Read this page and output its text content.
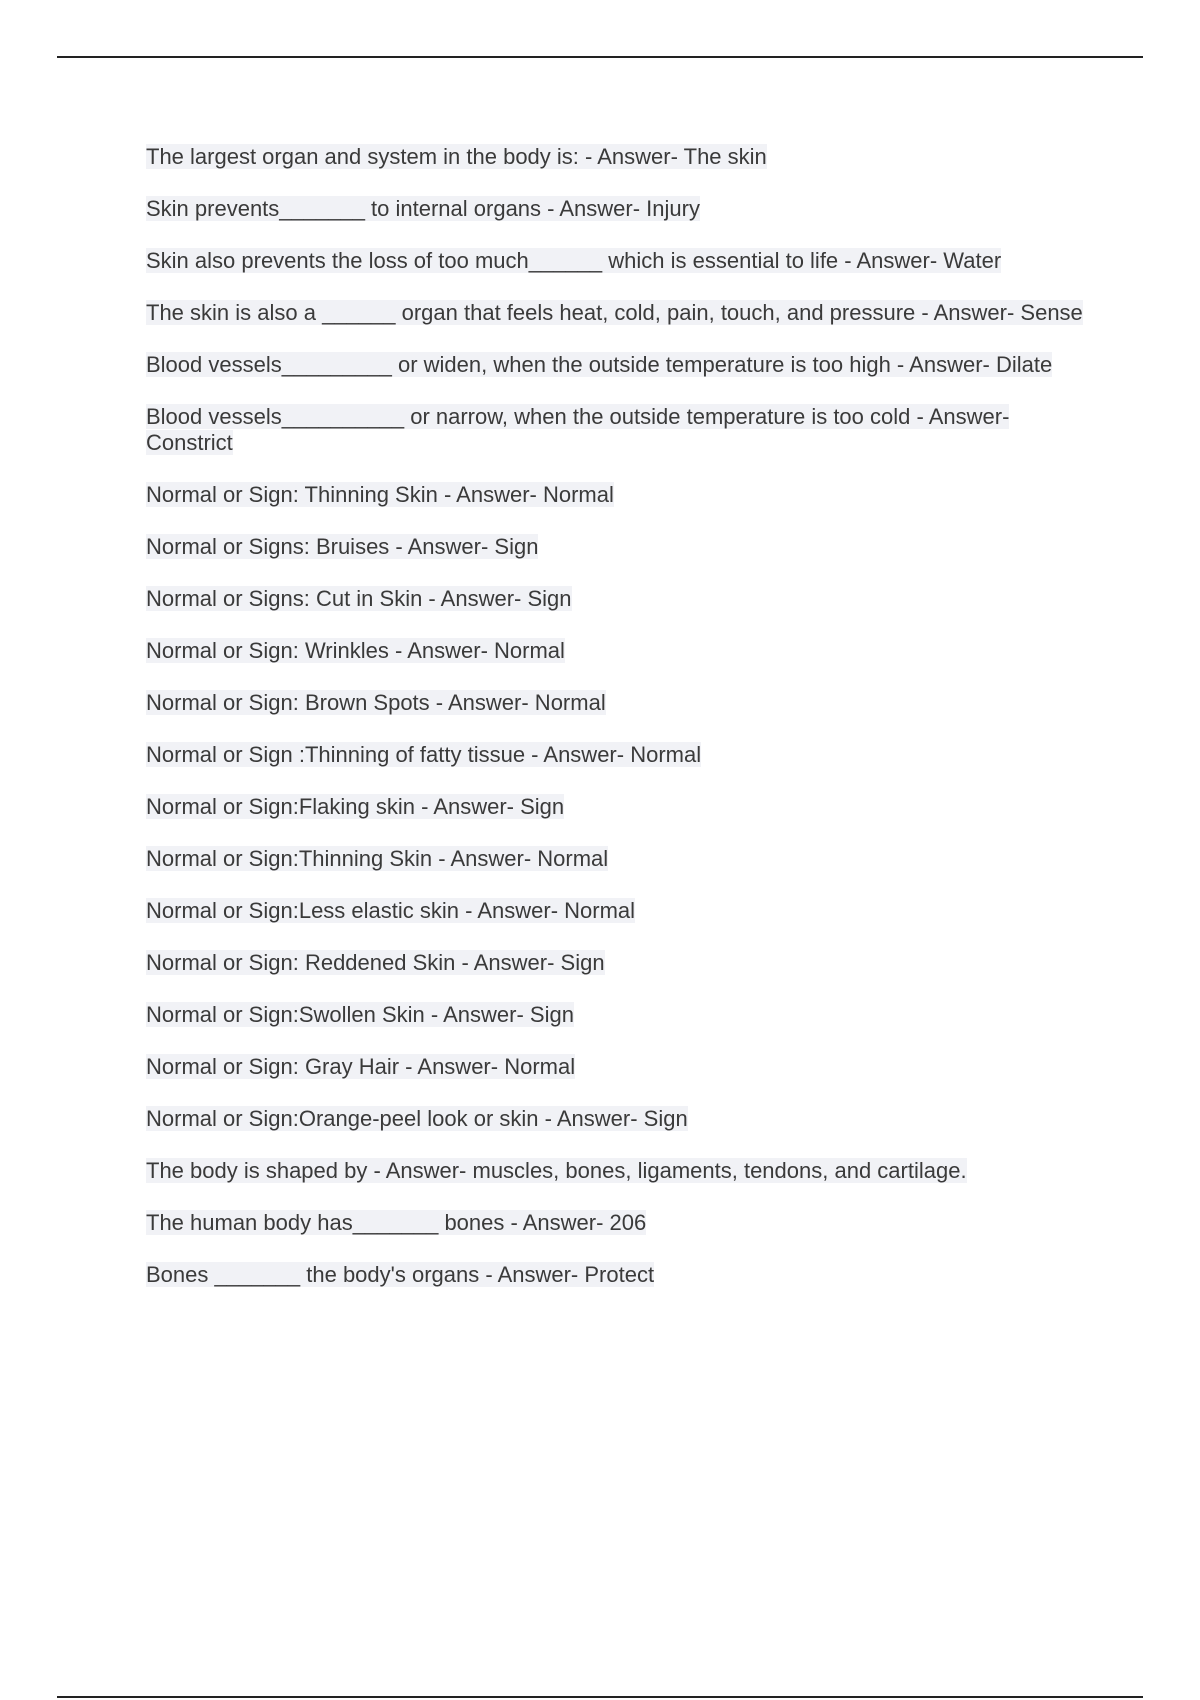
The largest organ and system in the body is: - Answer- The skin
Skin prevents_______ to internal organs - Answer- Injury
Skin also prevents the loss of too much______ which is essential to life - Answer- Water
The skin is also a ______ organ that feels heat, cold, pain, touch, and pressure - Answer- Sense
Blood vessels_________ or widen, when the outside temperature is too high - Answer- Dilate
Blood vessels__________ or narrow, when the outside temperature is too cold - Answer- Constrict
Normal or Sign: Thinning Skin - Answer- Normal
Normal or Signs: Bruises - Answer- Sign
Normal or Signs: Cut in Skin - Answer- Sign
Normal or Sign: Wrinkles - Answer- Normal
Normal or Sign: Brown Spots - Answer- Normal
Normal or Sign :Thinning of fatty tissue - Answer- Normal
Normal or Sign:Flaking skin - Answer- Sign
Normal or Sign:Thinning Skin - Answer- Normal
Normal or Sign:Less elastic skin - Answer- Normal
Normal or Sign: Reddened Skin - Answer- Sign
Normal or Sign:Swollen Skin - Answer- Sign
Normal or Sign: Gray Hair - Answer- Normal
Normal or Sign:Orange-peel look or skin - Answer- Sign
The body is shaped by - Answer- muscles, bones, ligaments, tendons, and cartilage.
The human body has_______ bones - Answer- 206
Bones _______ the body's organs - Answer- Protect
